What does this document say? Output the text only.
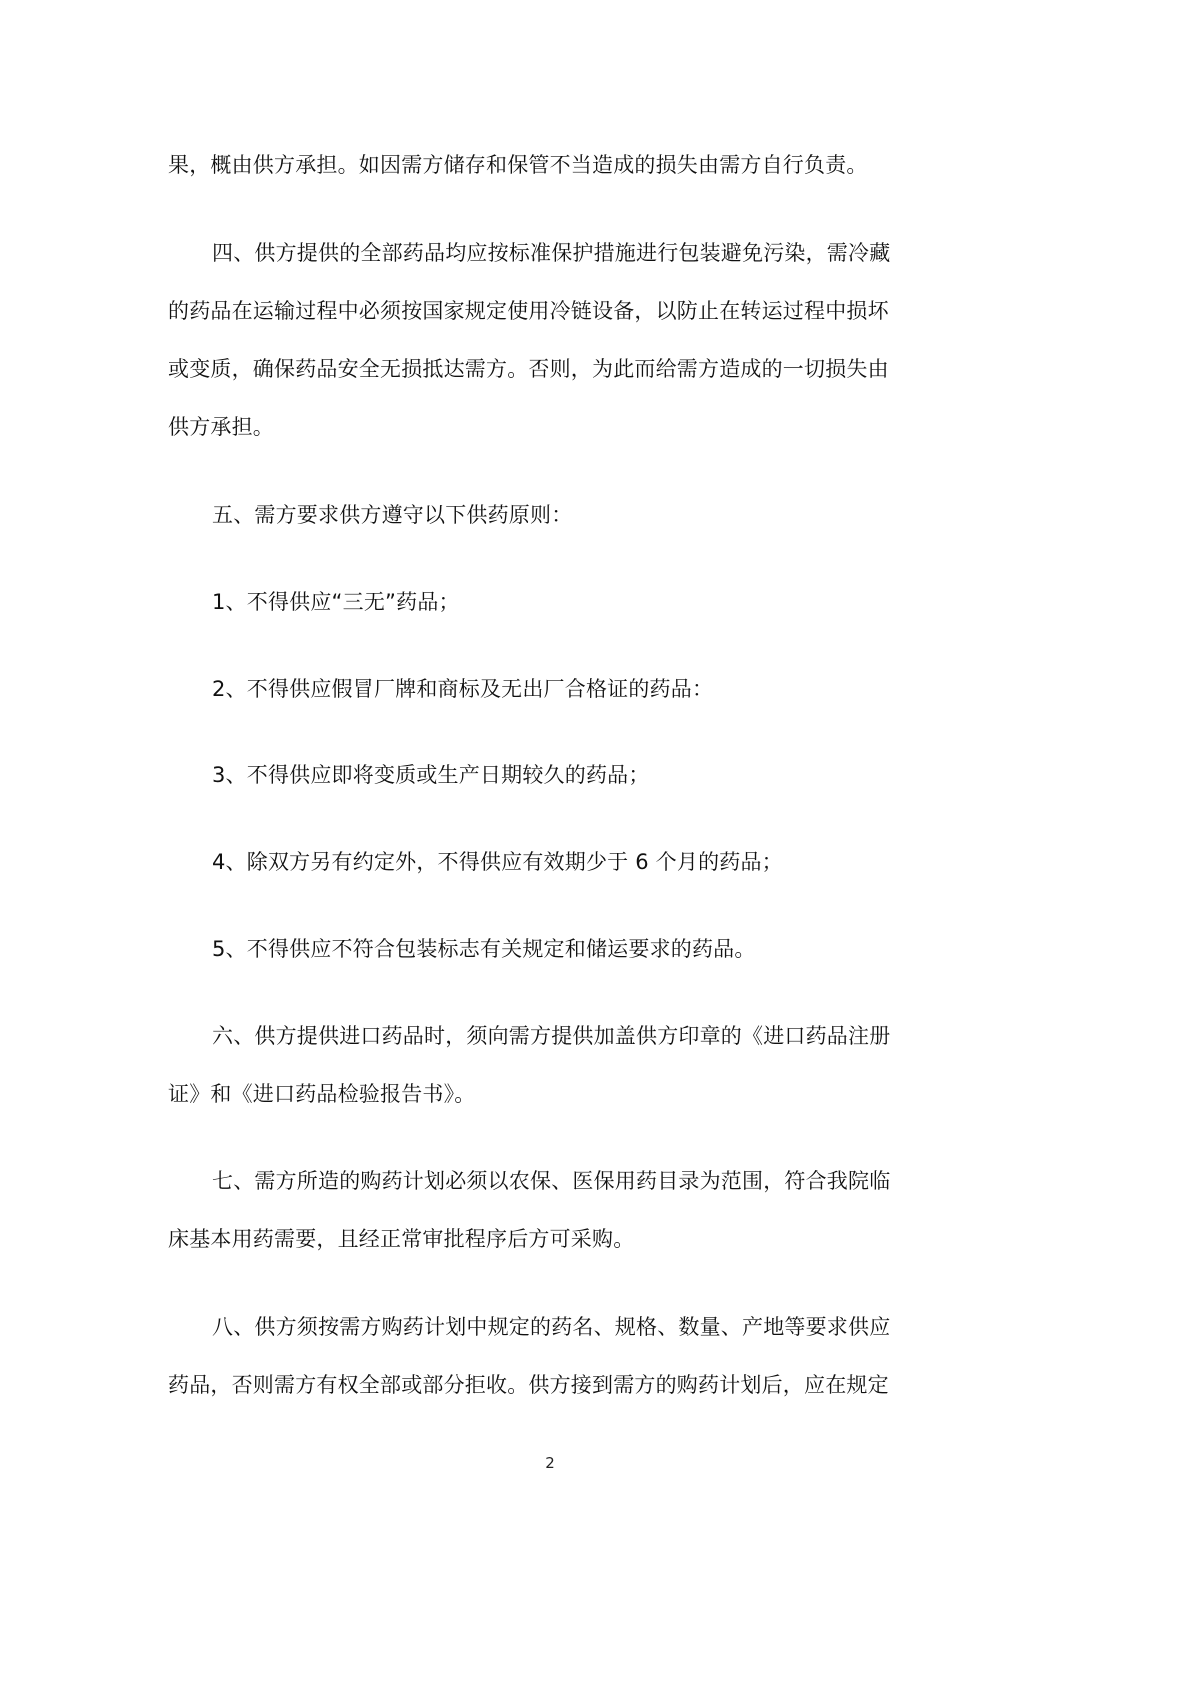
果，概由供方承担。如因需方储存和保管不当造成的损失由需方自行负责。

四、供方提供的全部药品均应按标准保护措施进行包装避免污染，需冷藏
的药品在运输过程中必须按国家规定使用冷链设备，以防止在转运过程中损坏
或变质，确保药品安全无损抵达需方。否则，为此而给需方造成的一切损失由
供方承担。

五、需方要求供方遵守以下供药原则：

1、不得供应“三无”药品；

2、不得供应假冒厂牌和商标及无出厂合格证的药品：

3、不得供应即将变质或生产日期较久的药品；

4、除双方另有约定外，不得供应有效期少于 6 个月的药品；

5、不得供应不符合包装标志有关规定和储运要求的药品。

六、供方提供进口药品时，须向需方提供加盖供方印章的《进口药品注册
证》和《进口药品检验报告书》。

七、需方所造的购药计划必须以农保、医保用药目录为范围，符合我院临
床基本用药需要，且经正常审批程序后方可采购。

八、供方须按需方购药计划中规定的药名、规格、数量、产地等要求供应
药品，否则需方有权全部或部分拒收。供方接到需方的购药计划后，应在规定

2
